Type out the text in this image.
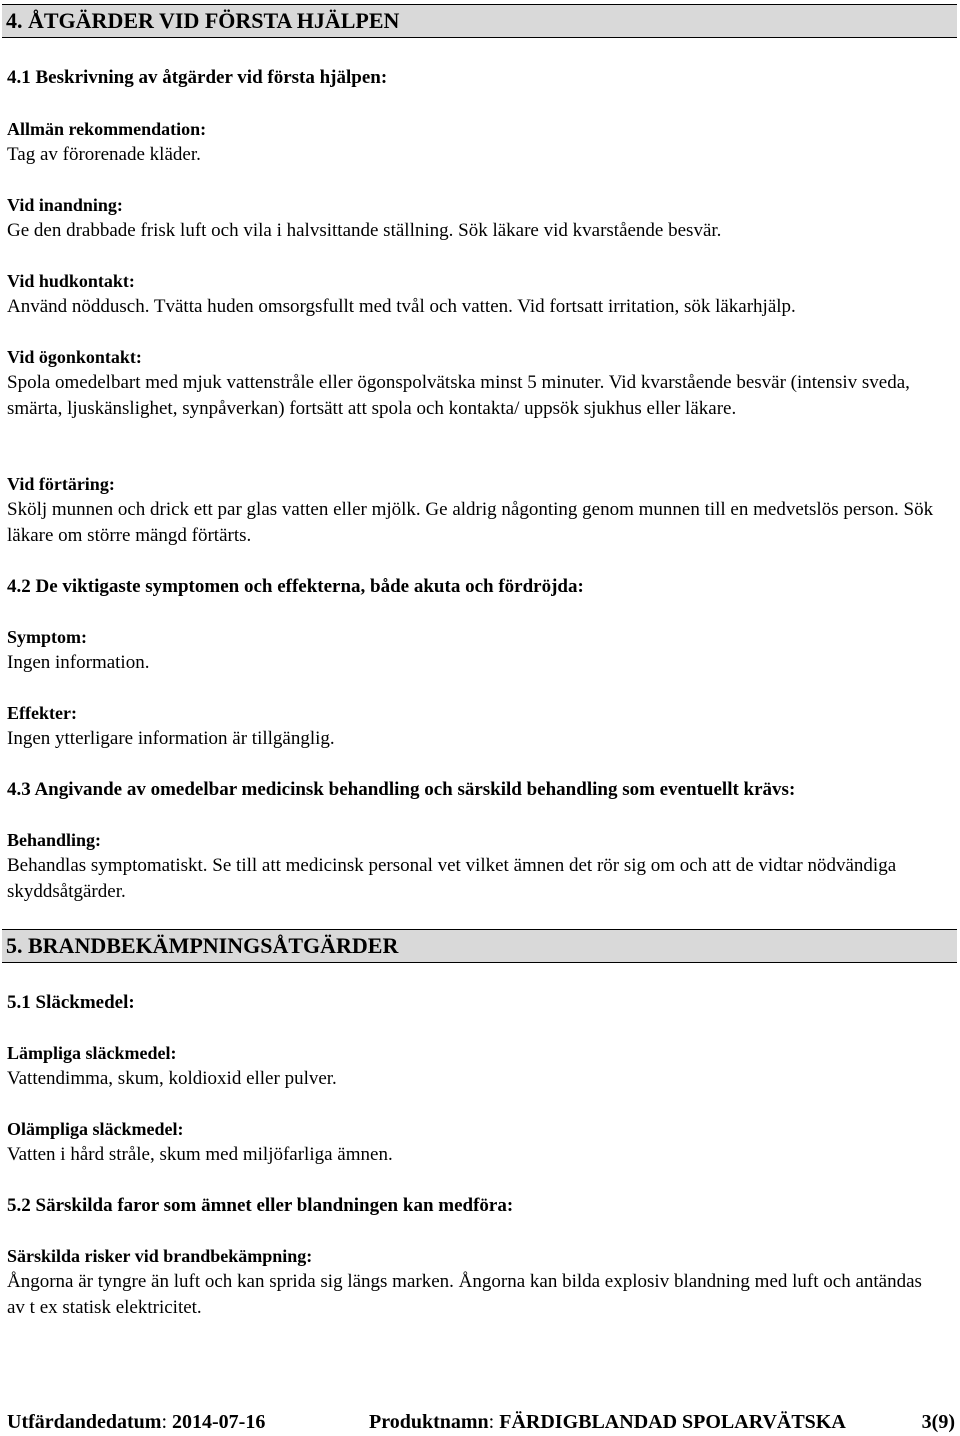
4. ÅTGÄRDER VID FÖRSTA HJÄLPEN

4.1 Beskrivning av åtgärder vid första hjälpen:

Allmän rekommendation:

Tag av förorenade kläder.

Vid inandning:

Ge den drabbade frisk luft och vila i halvsittande ställning. Sök läkare vid kvarstående besvär.

Vid hudkontakt:

Använd nöddusch. Tvätta huden omsorgsfullt med tvål och vatten. Vid fortsatt irritation, sök läkarhjälp.

Vid ögonkontakt:

Spola omedelbart med mjuk vattenstråle eller ögonspolvätska minst 5 minuter. Vid kvarstående besvär (intensiv sveda, smärta, ljuskänslighet, synpåverkan) fortsätt att spola och kontakta/ uppsök sjukhus eller läkare.

Vid förtäring:

Skölj munnen och drick ett par glas vatten eller mjölk. Ge aldrig någonting genom munnen till en medvetslös person. Sök läkare om större mängd förtärts.

4.2 De viktigaste symptomen och effekterna, både akuta och fördröjda:

Symptom:

Ingen information.

Effekter:

Ingen ytterligare information är tillgänglig.

4.3 Angivande av omedelbar medicinsk behandling och särskild behandling som eventuellt krävs:

Behandling:

Behandlas symptomatiskt. Se till att medicinsk personal vet vilket ämnen det rör sig om och att de vidtar nödvändiga skyddsåtgärder.

5. BRANDBEKÄMPNINGSÅTGÄRDER

5.1 Släckmedel:

Lämpliga släckmedel:

Vattendimma, skum, koldioxid eller pulver.

Olämpliga släckmedel:

Vatten i hård stråle, skum med miljöfarliga ämnen.

5.2 Särskilda faror som ämnet eller blandningen kan medföra:

Särskilda risker vid brandbekämpning:

Ångorna är tyngre än luft och kan sprida sig längs marken. Ångorna kan bilda explosiv blandning med luft och antändas av t ex statisk elektricitet.

Utfärdandedatum: 2014-07-16	Produktnamn: FÄRDIGBLANDAD SPOLARVÄTSKA	3(9)
